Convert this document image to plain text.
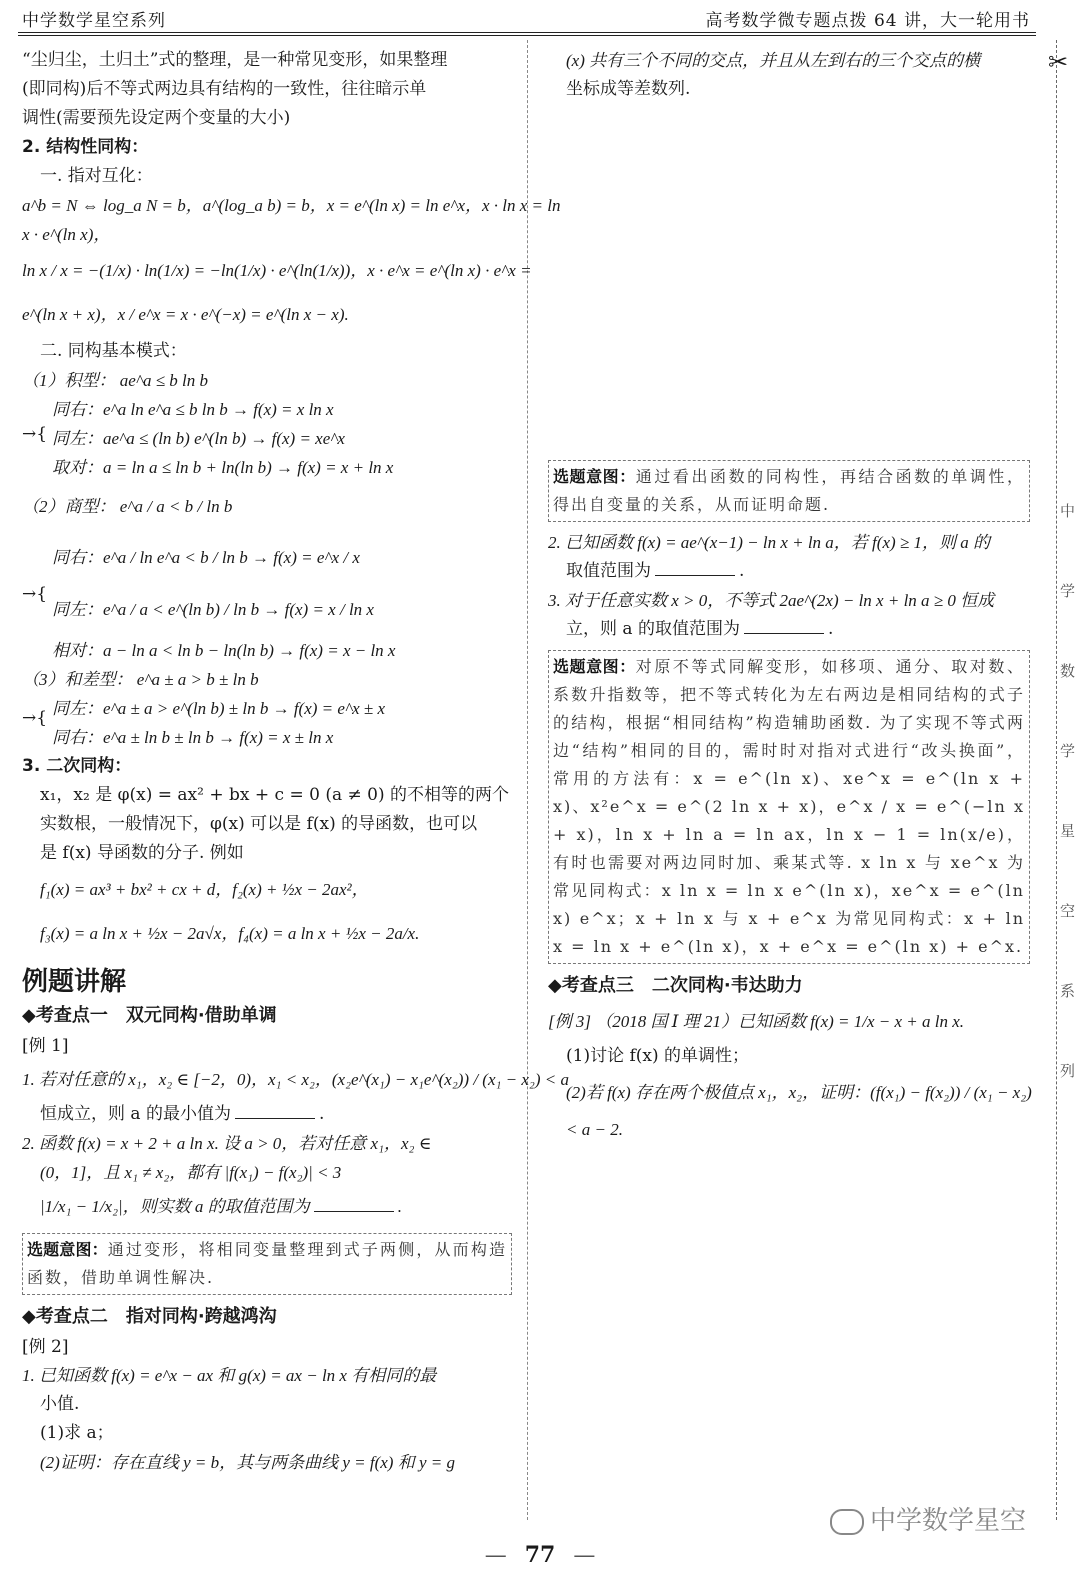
中学数学星空系列	高考数学微专题点拨 64 讲，大一轮用书
“尘归尘，土归土”式的整理，是一种常见变形，如果整理
(即同构)后不等式两边具有结构的一致性，往往暗示单
调性(需要预先设定两个变量的大小)
2. 结构性同构：
一. 指对互化：
a^b = N ⇔ log_a N = b，a^(log_a b) = b，x = e^(ln x) = ln e^x，x · ln x = ln
x · e^(ln x)，
ln x / x = −(1/x) · ln(1/x) = −ln(1/x) · e^(ln(1/x))，x · e^x = e^(ln x) · e^x =
e^(ln x + x)，x / e^x = x · e^(−x) = e^(ln x − x).
二. 同构基本模式：
（1）积型： ae^a ≤ b ln b
→{
同右：e^a ln e^a ≤ b ln b → f(x) = x ln x
同左：ae^a ≤ (ln b) e^(ln b) → f(x) = xe^x
取对：a = ln a ≤ ln b + ln(ln b) → f(x) = x + ln x
（2）商型： e^a / a < b / ln b
→{
同右：e^a / ln e^a < b / ln b → f(x) = e^x / x
同左：e^a / a < e^(ln b) / ln b → f(x) = x / ln x
相对：a − ln a < ln b − ln(ln b) → f(x) = x − ln x
（3）和差型： e^a ± a > b ± ln b
→{ 同左：e^a ± a > e^(ln b) ± ln b → f(x) = e^x ± x
同右：e^a ± ln b ± ln b → f(x) = x ± ln x
3. 二次同构：
x₁，x₂ 是 φ(x) = ax² + bx + c = 0 (a ≠ 0) 的不相等的两个
实数根，一般情况下，φ(x) 可以是 f(x) 的导函数，也可以
是 f(x) 导函数的分子. 例如
f₁(x) = ax³ + bx² + cx + d，f₂(x) + ½x − 2ax²，
f₃(x) = a ln x + ½x − 2a√x，f₄(x) = a ln x + ½x − 2a/x.
例题讲解
◆考查点一　双元同构·借助单调
[例 1]
1. 若对任意的 x₁，x₂ ∈ [−2，0)，x₁ < x₂，(x₂e^(x₁) − x₁e^(x₂)) / (x₁ − x₂) < a
恒成立，则 a 的最小值为	.
2. 函数 f(x) = x + 2 + a ln x. 设 a > 0，若对任意 x₁，x₂ ∈
(0，1]，且 x₁ ≠ x₂，都有 |f(x₁) − f(x₂)| < 3
|1/x₁ − 1/x₂|，则实数 a 的取值范围为	.
选题意图：通过变形，将相同变量整理到式子两侧，从而构造函数，借助单调性解决.
◆考查点二　指对同构·跨越鸿沟
[例 2]
1. 已知函数 f(x) = e^x − ax 和 g(x) = ax − ln x 有相同的最
小值.
(1)求 a；
(2)证明：存在直线 y = b，其与两条曲线 y = f(x) 和 y = g
(x) 共有三个不同的交点，并且从左到右的三个交点的横
坐标成等差数列.
选题意图：通过看出函数的同构性，再结合函数的单调性，得出自变量的关系，从而证明命题.
2. 已知函数 f(x) = ae^(x−1) − ln x + ln a，若 f(x) ≥ 1，则 a 的
取值范围为	.
3. 对于任意实数 x > 0，不等式 2ae^(2x) − ln x + ln a ≥ 0 恒成
立，则 a 的取值范围为	.
选题意图：对原不等式同解变形，如移项、通分、取对数、系数升指数等，把不等式转化为左右两边是相同结构的式子的结构，根据“相同结构”构造辅助函数. 为了实现不等式两边“结构”相同的目的，需时时对指对式进行“改头换面”，常用的方法有：x = e^(ln x)、xe^x = e^(ln x + x)、x²e^x = e^(2 ln x + x)，e^x / x = e^(−ln x + x)，ln x + ln a = ln ax，ln x − 1 = ln(x/e)，有时也需要对两边同时加、乘某式等. x ln x 与 xe^x 为常见同构式：x ln x = ln x e^(ln x)，xe^x = e^(ln x) e^x；x + ln x 与 x + e^x 为常见同构式：x + ln x = ln x + e^(ln x)，x + e^x = e^(ln x) + e^x.
◆考查点三　二次同构·韦达助力
[例 3] （2018 国 Ⅰ 理 21）已知函数 f(x) = 1/x − x + a ln x.
(1)讨论 f(x) 的单调性；
(2)若 f(x) 存在两个极值点 x₁，x₂，证明：(f(x₁) − f(x₂)) / (x₁ − x₂)
< a − 2.
✂
中
学
数
学
星
空
系
列
中学数学星空
— 77 —
